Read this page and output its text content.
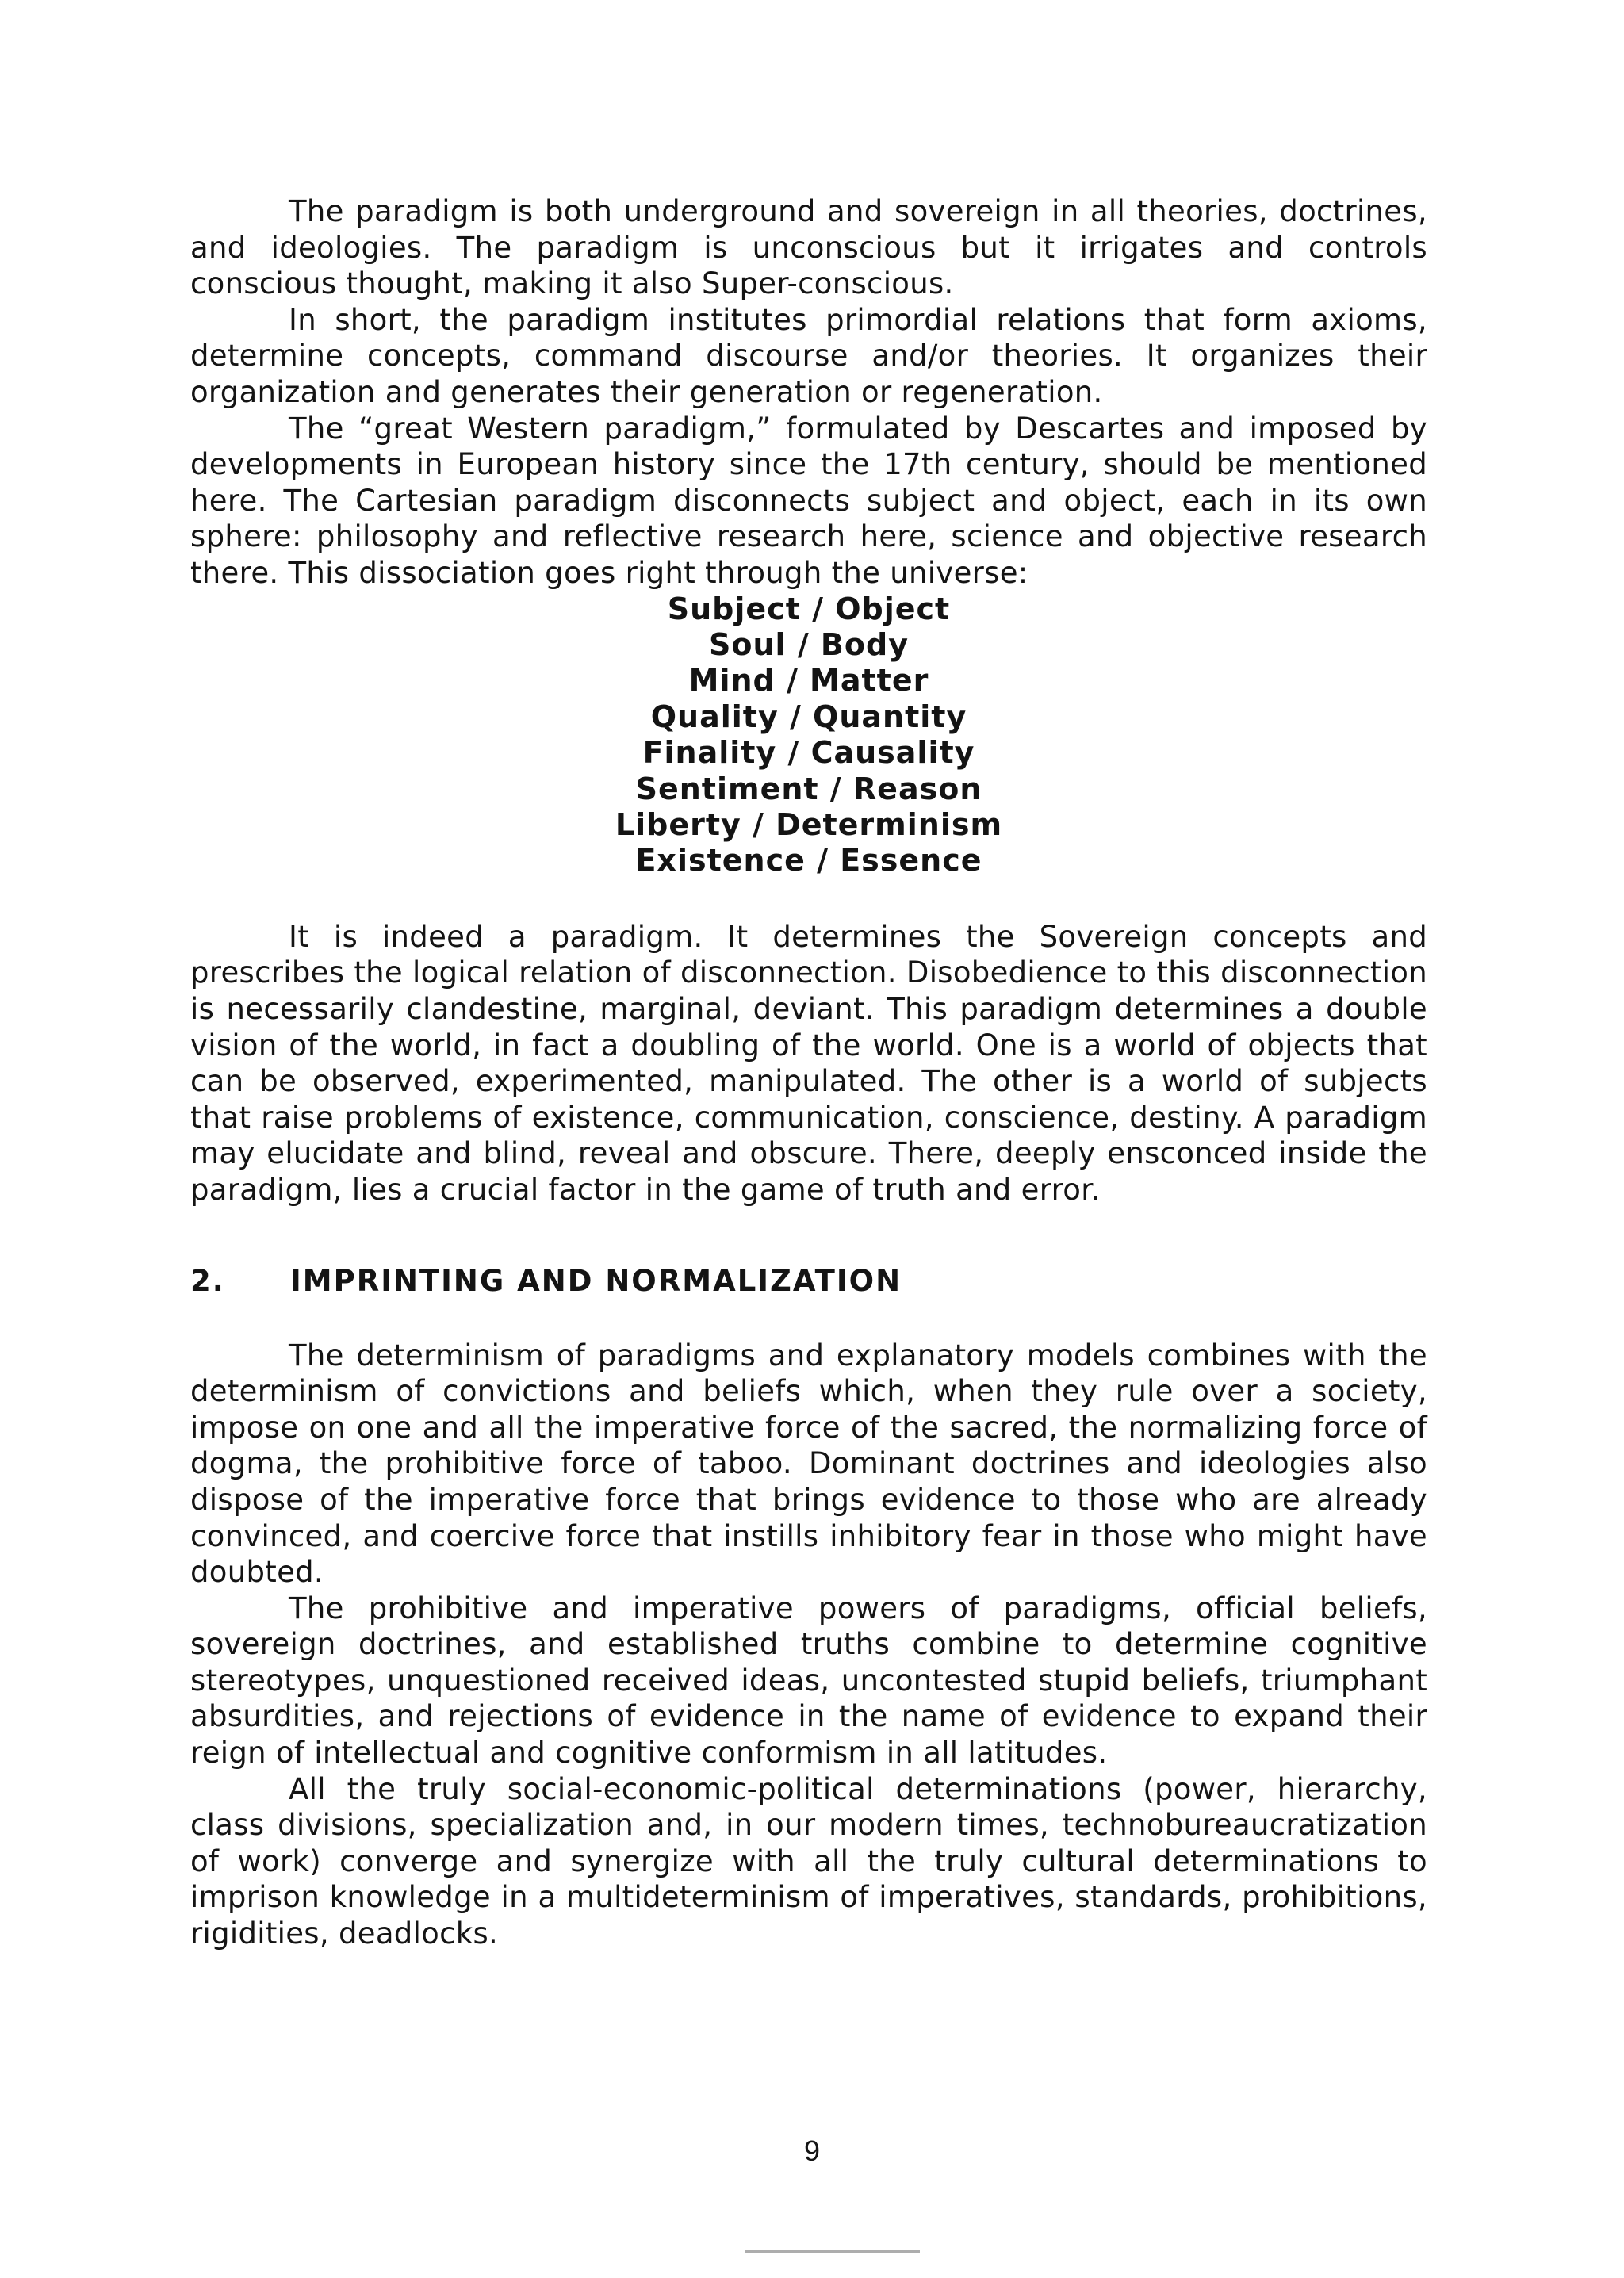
The paradigm is both underground and sovereign in all theories, doctrines, and ideologies. The paradigm is unconscious but it irrigates and controls conscious thought, making it also Super-conscious.

In short, the paradigm institutes primordial relations that form axioms, determine concepts, command discourse and/or theories. It organizes their organization and generates their generation or regeneration.

The “great Western paradigm,” formulated by Descartes and imposed by developments in European history since the 17th century, should be mentioned here. The Cartesian paradigm disconnects subject and object, each in its own sphere: philosophy and reflective research here, science and objective research there. This dissociation goes right through the universe:

Subject / Object
Soul / Body
Mind / Matter
Quality / Quantity
Finality / Causality
Sentiment / Reason
Liberty / Determinism
Existence / Essence

It is indeed a paradigm. It determines the Sovereign concepts and prescribes the logical relation of disconnection. Disobedience to this disconnection is necessarily clandestine, marginal, deviant. This paradigm determines a double vision of the world, in fact a doubling of the world. One is a world of objects that can be observed, experimented, manipulated. The other is a world of subjects that raise problems of existence, communication, conscience, destiny. A paradigm may elucidate and blind, reveal and obscure. There, deeply ensconced inside the paradigm, lies a crucial factor in the game of truth and error.

2.	IMPRINTING AND NORMALIZATION

The determinism of paradigms and explanatory models combines with the determinism of convictions and beliefs which, when they rule over a society, impose on one and all the imperative force of the sacred, the normalizing force of dogma, the prohibitive force of taboo. Dominant doctrines and ideologies also dispose of the imperative force that brings evidence to those who are already convinced, and coercive force that instills inhibitory fear in those who might have doubted.

The prohibitive and imperative powers of paradigms, official beliefs, sovereign doctrines, and established truths combine to determine cognitive stereotypes, unquestioned received ideas, uncontested stupid beliefs, triumphant absurdities, and rejections of evidence in the name of evidence to expand their reign of intellectual and cognitive conformism in all latitudes.

All the truly social-economic-political determinations (power, hierarchy, class divisions, specialization and, in our modern times, technobureaucratization of work) converge and synergize with all the truly cultural determinations to imprison knowledge in a multideterminism of imperatives, standards, prohibitions, rigidities, deadlocks.

9
